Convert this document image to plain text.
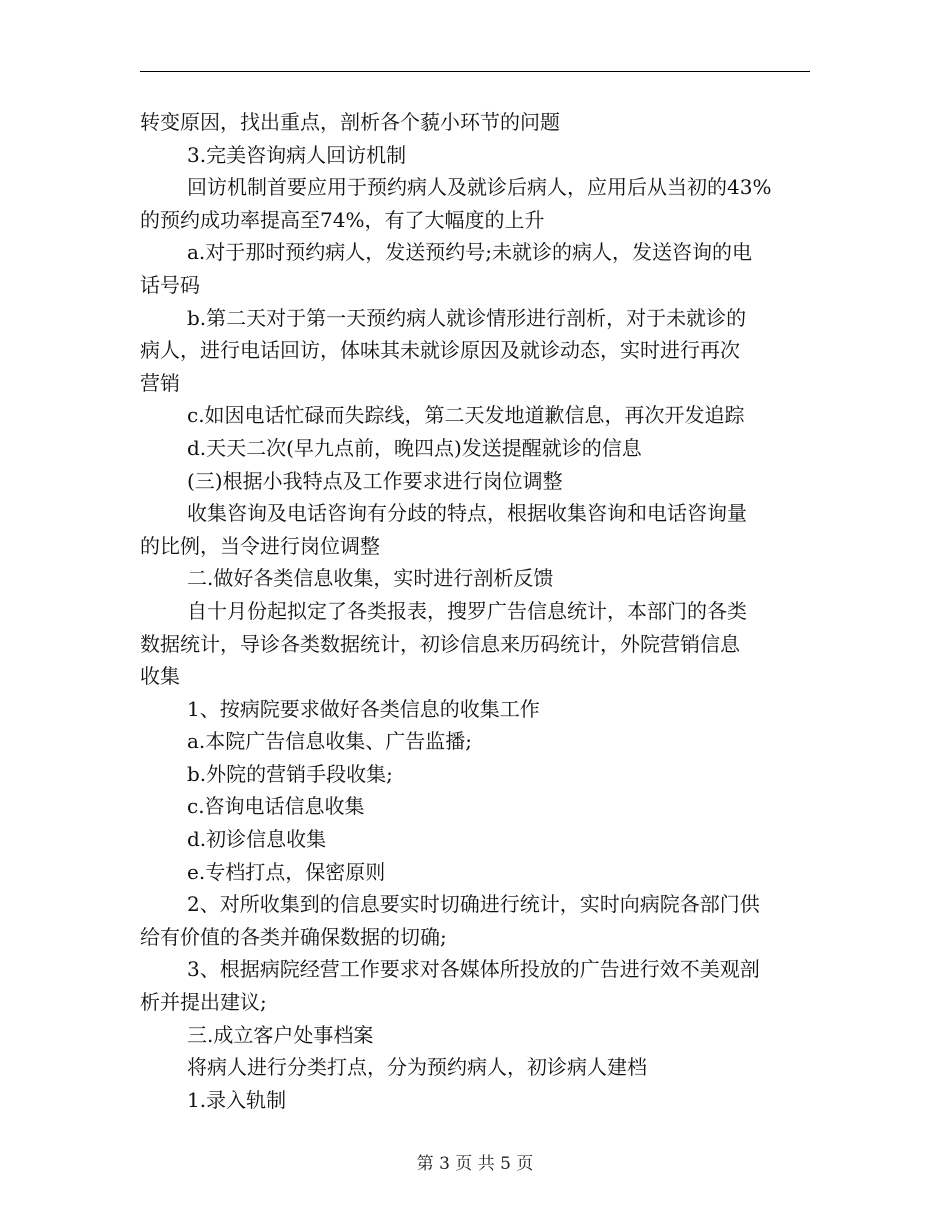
转变原因，找出重点，剖析各个藐小环节的问题
3.完美咨询病人回访机制
回访机制首要应用于预约病人及就诊后病人，应用后从当初的43%
的预约成功率提高至74%，有了大幅度的上升
a.对于那时预约病人，发送预约号;未就诊的病人，发送咨询的电
话号码
b.第二天对于第一天预约病人就诊情形进行剖析，对于未就诊的
病人，进行电话回访，体味其未就诊原因及就诊动态，实时进行再次
营销
c.如因电话忙碌而失踪线，第二天发地道歉信息，再次开发追踪
d.天天二次(早九点前，晚四点)发送提醒就诊的信息
(三)根据小我特点及工作要求进行岗位调整
收集咨询及电话咨询有分歧的特点，根据收集咨询和电话咨询量
的比例，当令进行岗位调整
二.做好各类信息收集，实时进行剖析反馈
自十月份起拟定了各类报表，搜罗广告信息统计，本部门的各类
数据统计，导诊各类数据统计，初诊信息来历码统计，外院营销信息
收集
1、按病院要求做好各类信息的收集工作
a.本院广告信息收集、广告监播;
b.外院的营销手段收集;
c.咨询电话信息收集
d.初诊信息收集
e.专档打点，保密原则
2、对所收集到的信息要实时切确进行统计，实时向病院各部门供
给有价值的各类并确保数据的切确;
3、根据病院经营工作要求对各媒体所投放的广告进行效不美观剖
析并提出建议;
三.成立客户处事档案
将病人进行分类打点，分为预约病人，初诊病人建档
1.录入轨制
第 3 页 共 5 页
